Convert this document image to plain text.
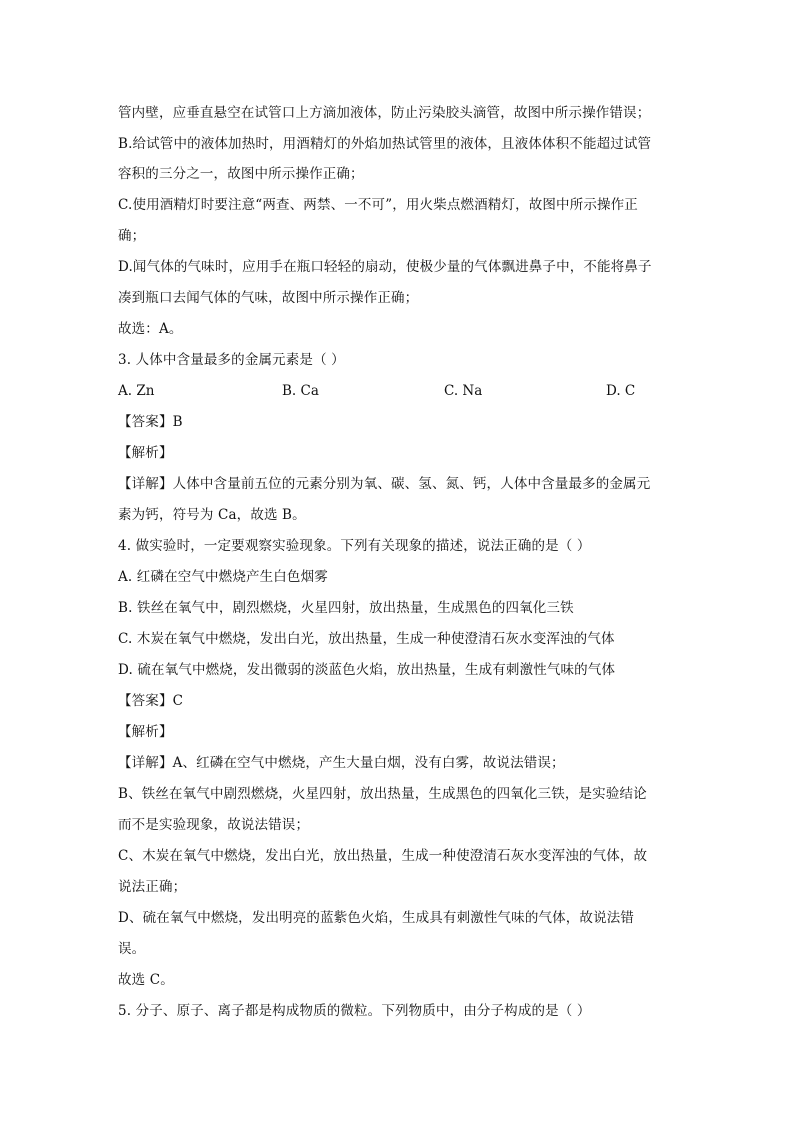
管内壁，应垂直悬空在试管口上方滴加液体，防止污染胶头滴管，故图中所示操作错误；
B.给试管中的液体加热时，用酒精灯的外焰加热试管里的液体，且液体体积不能超过试管
容积的三分之一，故图中所示操作正确；
C.使用酒精灯时要注意“两查、两禁、一不可”，用火柴点燃酒精灯，故图中所示操作正
确；
D.闻气体的气味时，应用手在瓶口轻轻的扇动，使极少量的气体飘进鼻子中，不能将鼻子
凑到瓶口去闻气体的气味，故图中所示操作正确；
故选：A。
3. 人体中含量最多的金属元素是（ ）
A. Zn	B. Ca	C. Na	D. C
【答案】B
【解析】
【详解】人体中含量前五位的元素分别为氧、碳、氢、氮、钙，人体中含量最多的金属元
素为钙，符号为 Ca，故选 B。
4. 做实验时，一定要观察实验现象。下列有关现象的描述，说法正确的是（ ）
A. 红磷在空气中燃烧产生白色烟雾
B. 铁丝在氧气中，剧烈燃烧，火星四射，放出热量，生成黑色的四氧化三铁
C. 木炭在氧气中燃烧，发出白光，放出热量，生成一种使澄清石灰水变浑浊的气体
D. 硫在氧气中燃烧，发出微弱的淡蓝色火焰，放出热量，生成有刺激性气味的气体
【答案】C
【解析】
【详解】A、红磷在空气中燃烧，产生大量白烟，没有白雾，故说法错误；
B、铁丝在氧气中剧烈燃烧，火星四射，放出热量，生成黑色的四氧化三铁，是实验结论
而不是实验现象，故说法错误；
C、木炭在氧气中燃烧，发出白光，放出热量，生成一种使澄清石灰水变浑浊的气体，故
说法正确；
D、硫在氧气中燃烧，发出明亮的蓝紫色火焰，生成具有刺激性气味的气体，故说法错
误。
故选 C。
5. 分子、原子、离子都是构成物质的微粒。下列物质中，由分子构成的是（ ）
